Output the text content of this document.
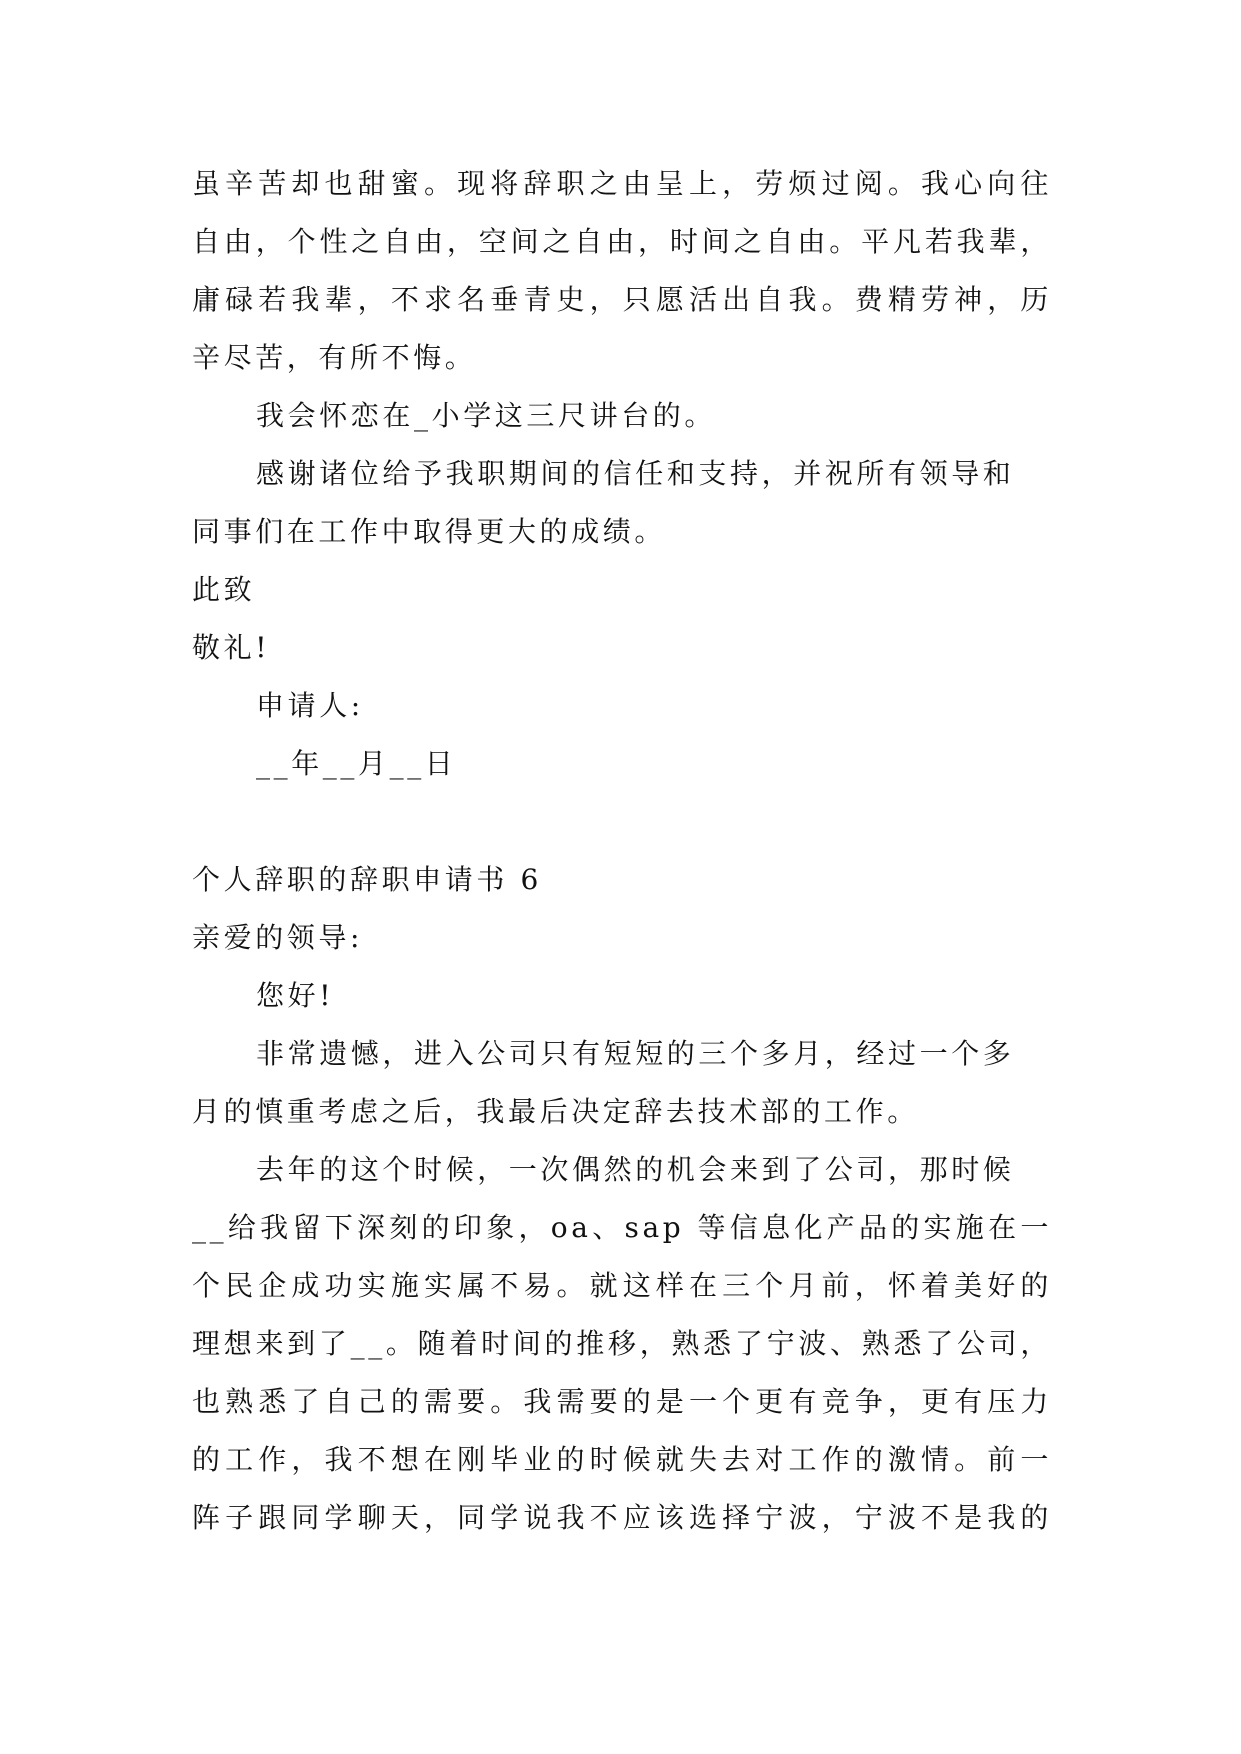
虽辛苦却也甜蜜。现将辞职之由呈上，劳烦过阅。我心向往
自由，个性之自由，空间之自由，时间之自由。平凡若我辈，
庸碌若我辈，不求名垂青史，只愿活出自我。费精劳神，历
辛尽苦，有所不悔。
我会怀恋在_小学这三尺讲台的。
感谢诸位给予我职期间的信任和支持，并祝所有领导和
同事们在工作中取得更大的成绩。
此致
敬礼!
申请人:
__年__月__日
个人辞职的辞职申请书 6
亲爱的领导:
您好!
非常遗憾，进入公司只有短短的三个多月，经过一个多
月的慎重考虑之后，我最后决定辞去技术部的工作。
去年的这个时候，一次偶然的机会来到了公司，那时候
__给我留下深刻的印象，oa、sap 等信息化产品的实施在一
个民企成功实施实属不易。就这样在三个月前，怀着美好的
理想来到了__。随着时间的推移，熟悉了宁波、熟悉了公司，
也熟悉了自己的需要。我需要的是一个更有竞争，更有压力
的工作，我不想在刚毕业的时候就失去对工作的激情。前一
阵子跟同学聊天，同学说我不应该选择宁波，宁波不是我的
